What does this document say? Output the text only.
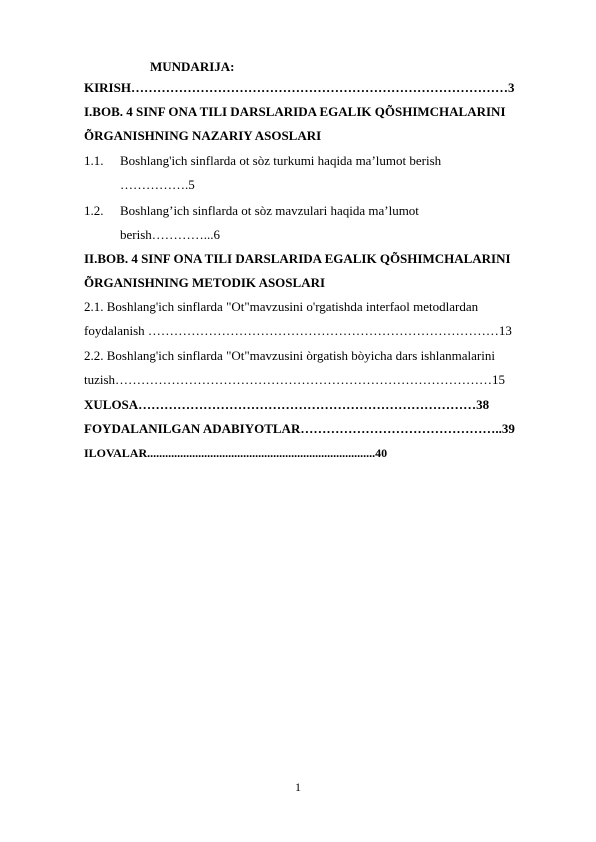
MUNDARIJA:
KIRISH……………………………………………………………………………3
I.BOB. 4 SINF ONA TILI DARSLARIDA EGALIK QÕSHIMCHALARINI
ÕRGANISHNING NAZARIY ASOSLARI
1.1. Boshlang'ich sinflarda ot sòz turkumi haqida ma’lumot berish
…………….5
1.2. Boshlang’ich sinflarda ot sòz mavzulari haqida ma’lumot
berish…………...6
II.BOB. 4 SINF ONA TILI DARSLARIDA EGALIK QÕSHIMCHALARINI
ÕRGANISHNING METODIK ASOSLARI
2.1. Boshlang'ich sinflarda "Ot"mavzusini o'rgatishda interfaol metodlardan
foydalanish ………………………………………………………………………13
2.2. Boshlang'ich sinflarda "Ot"mavzusini òrgatish bòyicha dars ishlanmalarini
tuzish……………………………………………………………………………15
XULOSA……………………………………………………………………38
FOYDALANILGAN ADABIYOTLAR………………………………………..39
ILOVALAR............................................................................40
1
